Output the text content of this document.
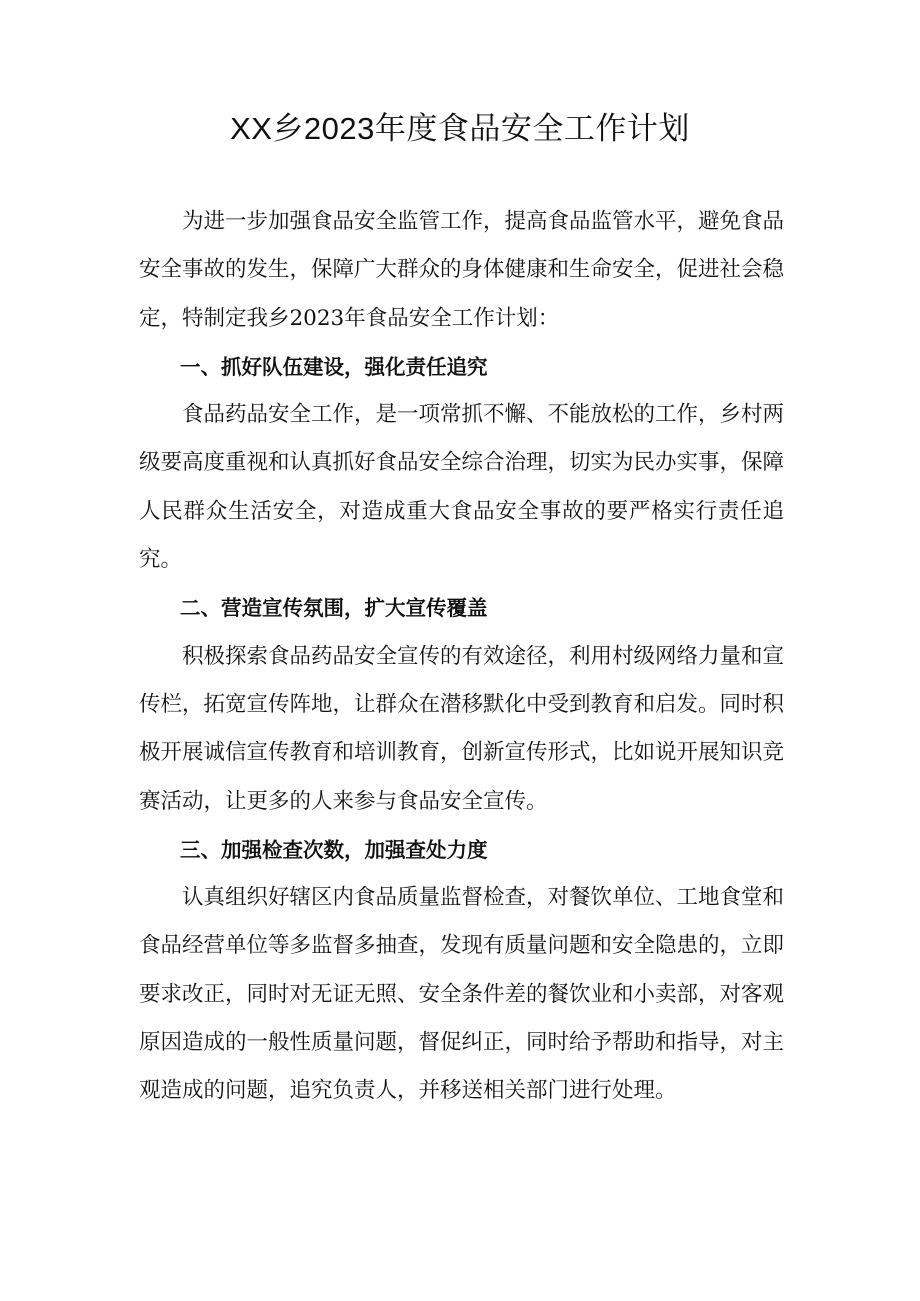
XX乡2023年度食品安全工作计划

为进一步加强食品安全监管工作，提高食品监管水平，避免食品安全事故的发生，保障广大群众的身体健康和生命安全，促进社会稳定，特制定我乡2023年食品安全工作计划：

一、抓好队伍建设，强化责任追究

食品药品安全工作，是一项常抓不懈、不能放松的工作，乡村两级要高度重视和认真抓好食品安全综合治理，切实为民办实事，保障人民群众生活安全，对造成重大食品安全事故的要严格实行责任追究。

二、营造宣传氛围，扩大宣传覆盖

积极探索食品药品安全宣传的有效途径，利用村级网络力量和宣传栏，拓宽宣传阵地，让群众在潜移默化中受到教育和启发。同时积极开展诚信宣传教育和培训教育，创新宣传形式，比如说开展知识竞赛活动，让更多的人来参与食品安全宣传。

三、加强检查次数，加强查处力度

认真组织好辖区内食品质量监督检查，对餐饮单位、工地食堂和食品经营单位等多监督多抽查，发现有质量问题和安全隐患的，立即要求改正，同时对无证无照、安全条件差的餐饮业和小卖部，对客观原因造成的一般性质量问题，督促纠正，同时给予帮助和指导，对主观造成的问题，追究负责人，并移送相关部门进行处理。
